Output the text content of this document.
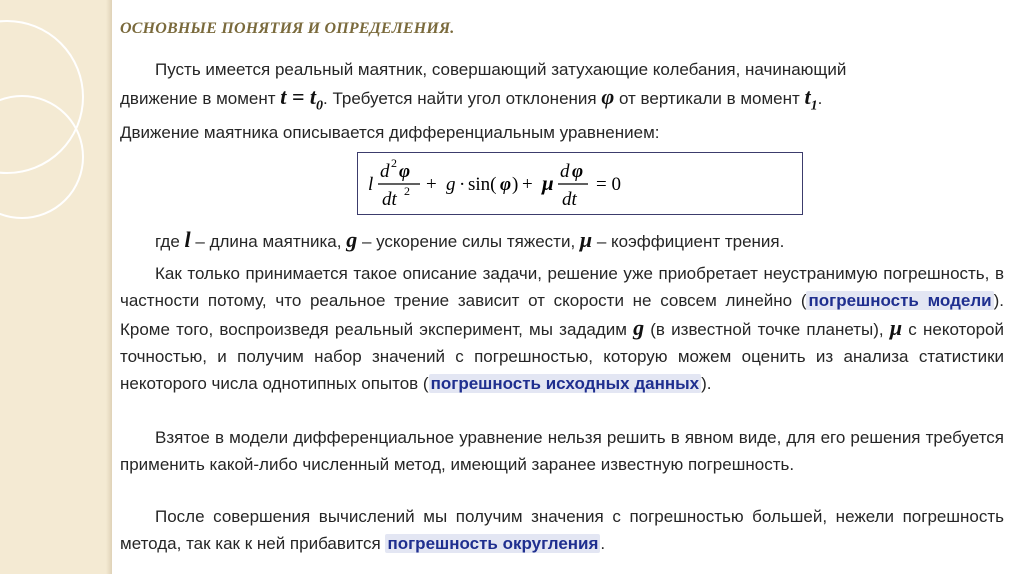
ОСНОВНЫЕ ПОНЯТИЯ И ОПРЕДЕЛЕНИЯ.

Пусть имеется реальный маятник, совершающий затухающие колебания, начинающий
движение в момент $t = t_0$. Требуется найти угол отклонения φ от вертикали в момент $t_1$.
Движение маятника описывается дифференциальным уравнением:

l
d 2 φ
dt 2 + g · sin( φ ) + μ d φ
dt
= 0

где l – длина маятника, g – ускорение силы тяжести, μ – коэффициент трения.

Как только принимается такое описание задачи, решение уже приобретает неустранимую погрешность, в частности потому, что реальное трение зависит от скорости не совсем линейно ( погрешность модели ). Кроме того, воспроизведя реальный эксперимент, мы зададим g (в известной точке планеты), μ с некоторой точностью, и получим набор значений с погрешностью, которую можем оценить из анализа статистики некоторого числа однотипных опытов ( погрешность исходных данных ).

Взятое в модели дифференциальное уравнение нельзя решить в явном виде, для его решения требуется применить какой-либо численный метод, имеющий заранее известную погрешность.

После совершения вычислений мы получим значения с погрешностью большей, нежели погрешность метода, так как к ней прибавится погрешность округления .
